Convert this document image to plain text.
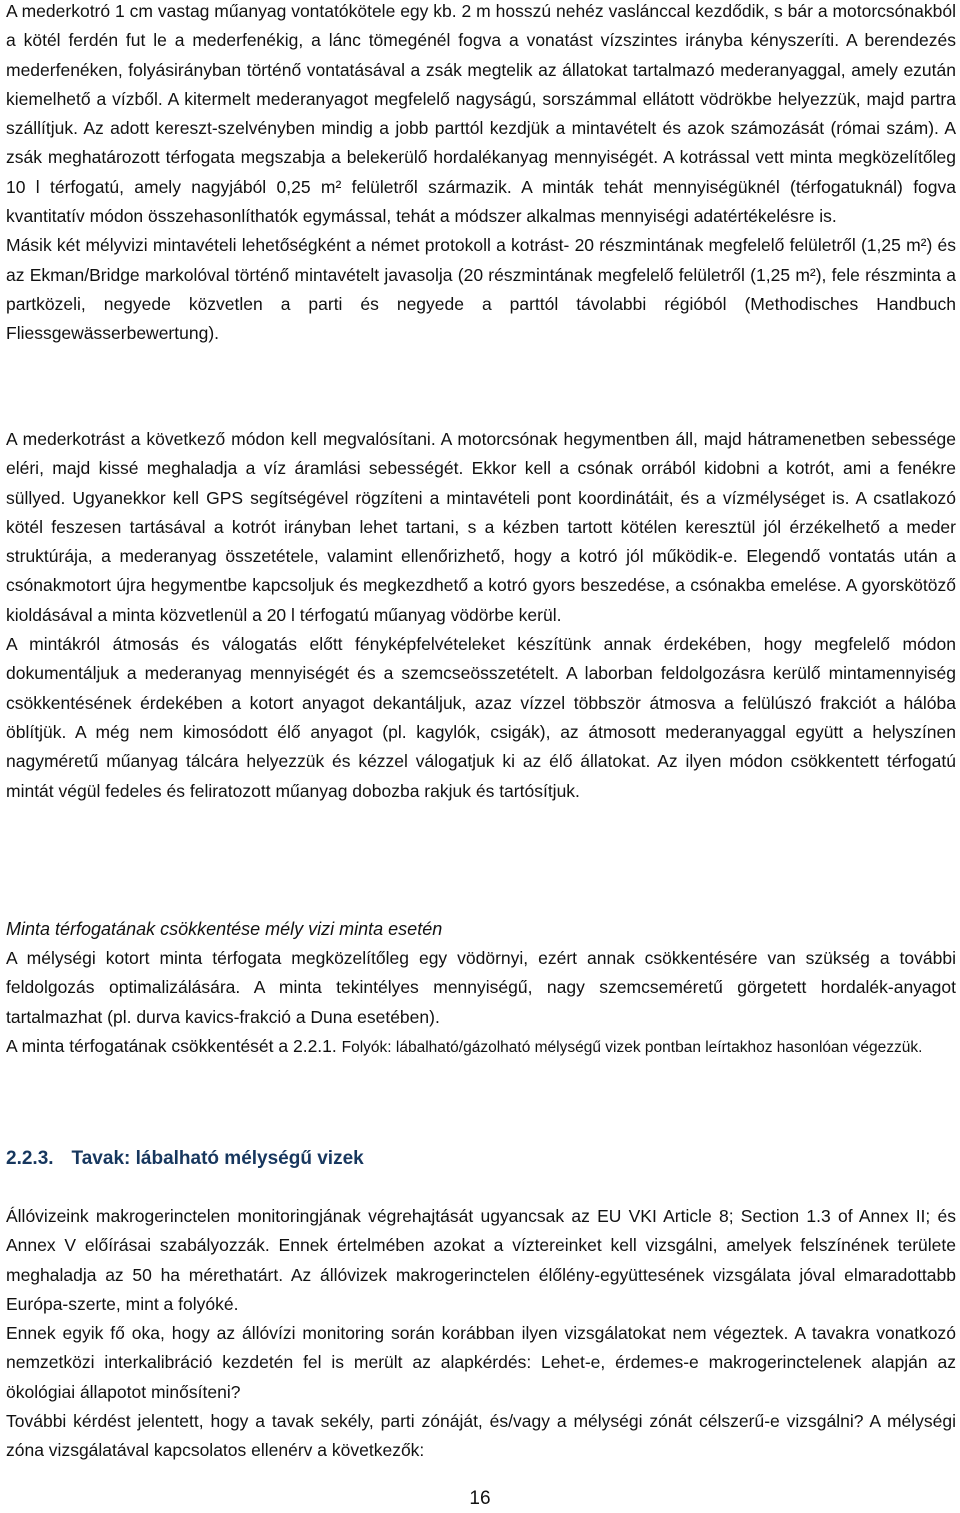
A mederkotró 1 cm vastag műanyag vontatókötele egy kb. 2 m hosszú nehéz vaslánccal kezdődik, s bár a motorcsónakból a kötél ferdén fut le a mederfenékig, a lánc tömegénél fogva a vonatást vízszintes irányba kényszeríti. A berendezés mederfenéken, folyásirányban történő vontatásával a zsák megtelik az állatokat tartalmazó mederanyaggal, amely ezután kiemelhető a vízből. A kitermelt mederanyagot megfelelő nagyságú, sorszámmal ellátott vödrökbe helyezzük, majd partra szállítjuk. Az adott kereszt-szelvényben mindig a jobb parttól kezdjük a mintavételt és azok számozását (római szám). A zsák meghatározott térfogata megszabja a belekerülő hordalékanyag mennyiségét. A kotrással vett minta megközelítőleg 10 l térfogatú, amely nagyjából 0,25 m² felületről származik. A minták tehát mennyiségüknél (térfogatuknál) fogva kvantitatív módon összehasonlíthatók egymással, tehát a módszer alkalmas mennyiségi adatértékelésre is.

Másik két mélyvizi mintavételi lehetőségként a német protokoll a kotrást- 20 részmintának megfelelő felületről (1,25 m²) és az Ekman/Bridge markolóval történő mintavételt javasolja (20 részmintának megfelelő felületről (1,25 m²), fele részminta a partközeli, negyede közvetlen a parti és negyede a parttól távolabbi régióból (Methodisches Handbuch Fliessgewässerbewertung).

A mederkotrást a következő módon kell megvalósítani. A motorcsónak hegymentben áll, majd hátramenetben sebessége eléri, majd kissé meghaladja a víz áramlási sebességét. Ekkor kell a csónak orrából kidobni a kotrót, ami a fenékre süllyed. Ugyanekkor kell GPS segítségével rögzíteni a mintavételi pont koordinátáit, és a vízmélységet is. A csatlakozó kötél feszesen tartásával a kotrót irányban lehet tartani, s a kézben tartott kötélen keresztül jól érzékelhető a meder struktúrája, a mederanyag összetétele, valamint ellenőrizhető, hogy a kotró jól működik-e. Elegendő vontatás után a csónakmotort újra hegymentbe kapcsoljuk és megkezdhető a kotró gyors beszedése, a csónakba emelése. A gyorskötöző kioldásával a minta közvetlenül a 20 l térfogatú műanyag vödörbe kerül.

A mintákról átmosás és válogatás előtt fényképfelvételeket készítünk annak érdekében, hogy megfelelő módon dokumentáljuk a mederanyag mennyiségét és a szemcseösszetételt. A laborban feldolgozásra kerülő mintamennyiség csökkentésének érdekében a kotort anyagot dekantáljuk, azaz vízzel többször átmosva a felülúszó frakciót a hálóba öblítjük. A még nem kimosódott élő anyagot (pl. kagylók, csigák), az átmosott mederanyaggal együtt a helyszínen nagyméretű műanyag tálcára helyezzük és kézzel válogatjuk ki az élő állatokat. Az ilyen módon csökkentett térfogatú mintát végül fedeles és feliratozott műanyag dobozba rakjuk és tartósítjuk.

Minta térfogatának csökkentése mély vizi minta esetén

A mélységi kotort minta térfogata megközelítőleg egy vödörnyi, ezért annak csökkentésére van szükség a további feldolgozás optimalizálására. A minta tekintélyes mennyiségű, nagy szemcseméretű görgetett hordalék-anyagot tartalmazhat (pl. durva kavics-frakció a Duna esetében).

A minta térfogatának csökkentését a 2.2.1. Folyók: lábalható/gázolható mélységű vizek pontban leírtakhoz hasonlóan végezzük.

2.2.3. Tavak: lábalható mélységű vizek

Állóvizeink makrogerinctelen monitoringjának végrehajtását ugyancsak az EU VKI Article 8; Section 1.3 of Annex II; és Annex V előírásai szabályozzák. Ennek értelmében azokat a víztereinket kell vizsgálni, amelyek felszínének területe meghaladja az 50 ha mérethatárt. Az állóvizek makrogerinctelen élőlény-együttesének vizsgálata jóval elmaradottabb Európa-szerte, mint a folyóké.

Ennek egyik fő oka, hogy az állóvízi monitoring során korábban ilyen vizsgálatokat nem végeztek. A tavakra vonatkozó nemzetközi interkalibráció kezdetén fel is merült az alapkérdés: Lehet-e, érdemes-e makrogerinctelenek alapján az ökológiai állapotot minősíteni?

További kérdést jelentett, hogy a tavak sekély, parti zónáját, és/vagy a mélységi zónát célszerű-e vizsgálni? A mélységi zóna vizsgálatával kapcsolatos ellenérv a következők:

16
